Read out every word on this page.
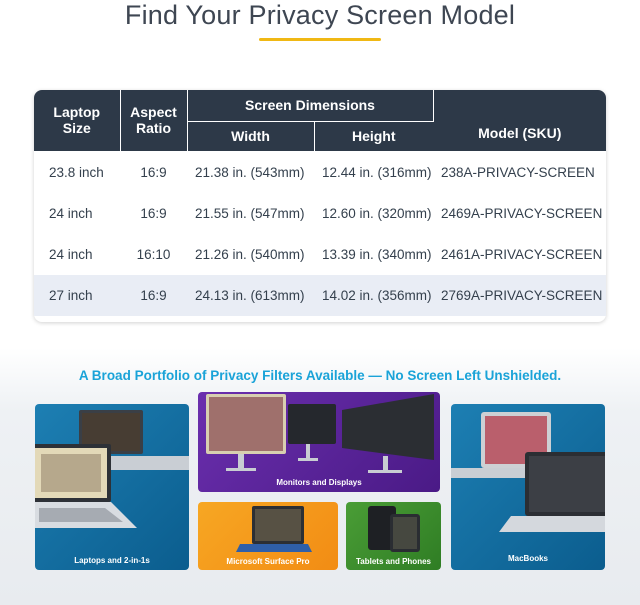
Find Your Privacy Screen Model
Laptop Size	Aspect Ratio	Screen Dimensions		Model (SKU)
		Width	Height	
23.8 inch	16:9	21.38 in. (543mm)	12.44 in. (316mm)	238A-PRIVACY-SCREEN
24 inch	16:9	21.55 in. (547mm)	12.60 in. (320mm)	2469A-PRIVACY-SCREEN
24 inch	16:10	21.26 in. (540mm)	13.39 in. (340mm)	2461A-PRIVACY-SCREEN
27 inch	16:9	24.13 in. (613mm)	14.02 in. (356mm)	2769A-PRIVACY-SCREEN
A Broad Portfolio of Privacy Filters Available — No Screen Left Unshielded.
Laptops and 2-in-1s
Monitors and Displays
Microsoft Surface Pro	Tablets and Phones	MacBooks
